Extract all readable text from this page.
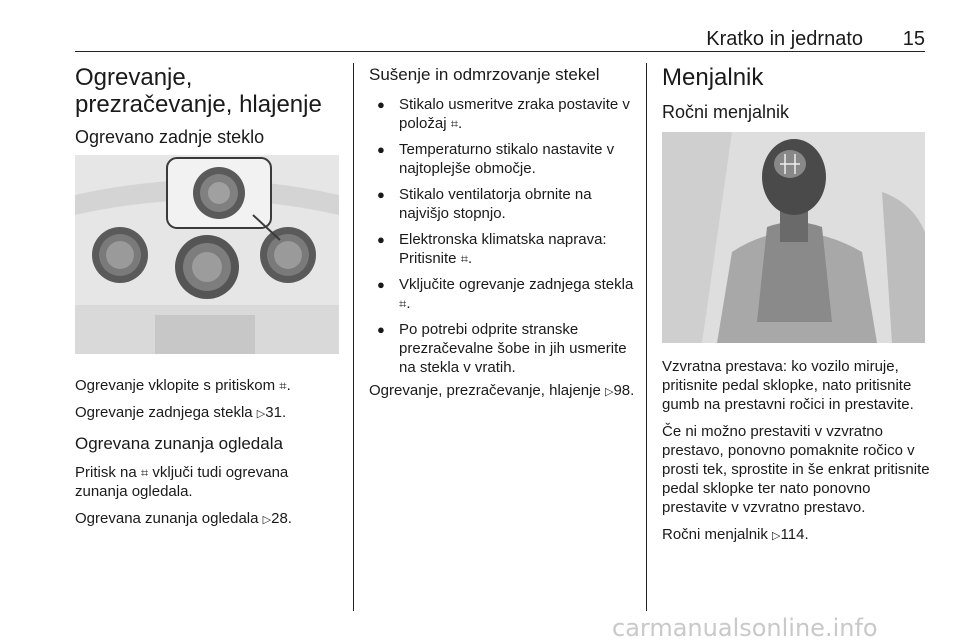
Kratko in jedrnato 15
Ogrevanje, prezračevanje, hlajenje
Ogrevano zadnje steklo

Ogrevanje vklopite s pritiskom ⌗.

Ogrevanje zadnjega stekla ▷ 31.

Ogrevana zunanja ogledala

Pritisk na ⌗ vključi tudi ogrevana zunanja ogledala.

Ogrevana zunanja ogledala ▷ 28.

Sušenje in odmrzovanje stekel
● Stikalo usmeritve zraka postavite v položaj ⌗.
● Temperaturno stikalo nastavite v najtoplejše območje.
● Stikalo ventilatorja obrnite na najvišjo stopnjo.
● Elektronska klimatska naprava: Pritisnite ⌗.
● Vključite ogrevanje zadnjega stekla ⌗.
● Po potrebi odprite stranske prezračevalne šobe in jih usmerite na stekla v vratih.

Ogrevanje, prezračevanje, hlajenje ▷ 98.

Menjalnik
Ročni menjalnik

Vzvratna prestava: ko vozilo miruje, pritisnite pedal sklopke, nato pritisnite gumb na prestavni ročici in prestavite.

Če ni možno prestaviti v vzvratno prestavo, ponovno pomaknite ročico v prosti tek, sprostite in še enkrat pritisnite pedal sklopke ter nato ponovno prestavite v vzvratno prestavo.

Ročni menjalnik ▷ 114.

carmanualsonline.info
